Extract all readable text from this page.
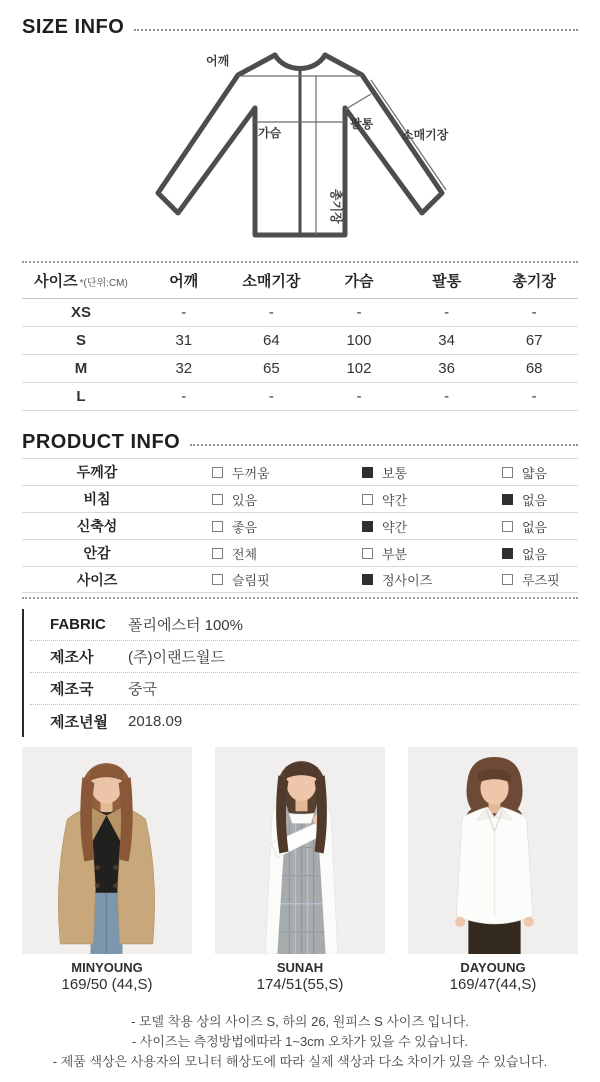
SIZE INFO
어깨
가슴
팔통
소매기장
총기장
사이즈 *(단위:CM)	어깨	소매기장	가슴	팔통	총기장
XS	-	-	-	-	-
S	31	64	100	34	67
M	32	65	102	36	68
L	-	-	-	-	-
PRODUCT INFO
두께감	두꺼움	보통	얇음
비침	있음	약간	없음
신축성	좋음	약간	없음
안감	전체	부분	없음
사이즈	슬림핏	정사이즈	루즈핏
FABRIC	폴리에스터 100%
제조사	(주)이랜드월드
제조국	중국
제조년월	2018.09
MINYOUNG
169/50 (44,S)
SUNAH
174/51(55,S)
DAYOUNG
169/47(44,S)
- 모델 착용 상의 사이즈 S, 하의 26, 원피스 S 사이즈 입니다.
- 사이즈는 측정방법에따라 1~3cm 오차가 있을 수 있습니다.
- 제품 색상은 사용자의 모니터 해상도에 따라 실제 색상과 다소 차이가 있을 수 있습니다.
